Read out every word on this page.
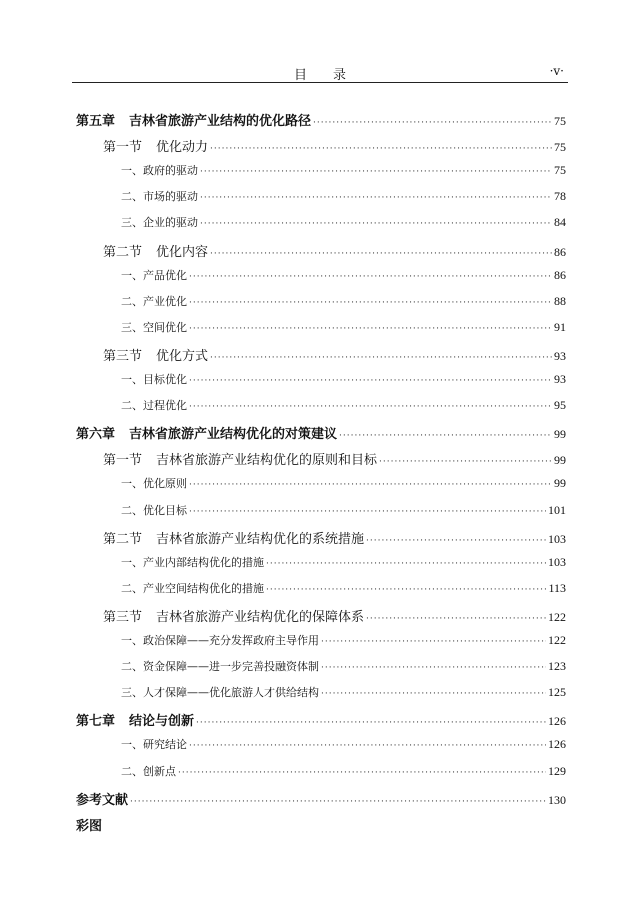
目　　录	·v·
第五章 吉林省旅游产业结构的优化路径 ·····	75
第一节 优化动力 ·····	75
一、 政府的驱动 ·····	75
二、 市场的驱动 ·····	78
三、 企业的驱动 ·····	84
第二节 优化内容 ·····	86
一、 产品优化 ·····	86
二、 产业优化 ·····	88
三、 空间优化 ·····	91
第三节 优化方式 ·····	93
一、 目标优化 ·····	93
二、 过程优化 ·····	95
第六章 吉林省旅游产业结构优化的对策建议 ·····	99
第一节 吉林省旅游产业结构优化的原则和目标 ·····	99
一、 优化原则 ·····	99
二、 优化目标 ·····	101
第二节 吉林省旅游产业结构优化的系统措施 ·····	103
一、 产业内部结构优化的措施 ·····	103
二、 产业空间结构优化的措施 ·····	113
第三节 吉林省旅游产业结构优化的保障体系 ·····	122
一、 政治保障——充分发挥政府主导作用 ·····	122
二、 资金保障——进一步完善投融资体制 ·····	123
三、 人才保障——优化旅游人才供给结构 ·····	125
第七章 结论与创新 ·····	126
一、 研究结论 ·····	126
二、 创新点 ·····	129
参考文献 ·····	130
彩图
